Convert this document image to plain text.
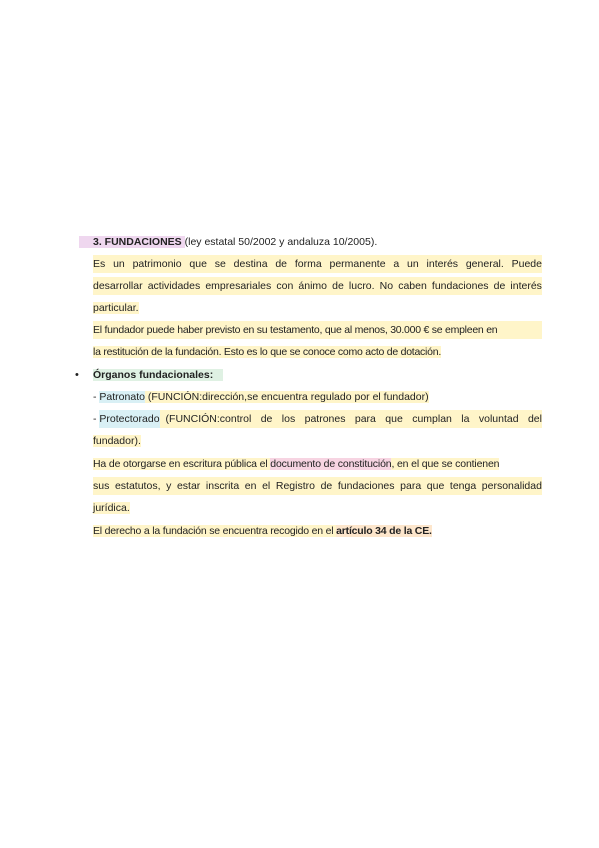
3. FUNDACIONES (ley estatal 50/2002 y andaluza 10/2005).
Es un patrimonio que se destina de forma permanente a un interés general. Puede
desarrollar actividades empresariales con ánimo de lucro. No caben fundaciones de interés
particular.
El fundador puede haber previsto en su testamento, que al menos, 30.000 € se empleen en
la restitución de la fundación. Esto es lo que se conoce como acto de dotación.
• Órganos fundacionales:
- Patronato (FUNCIÓN:dirección,se encuentra regulado por el fundador)
- Protectorado (FUNCIÓN:control de los patrones para que cumplan la voluntad del
fundador).
Ha de otorgarse en escritura pública el documento de constitución, en el que se contienen
sus estatutos, y estar inscrita en el Registro de fundaciones para que tenga personalidad
jurídica.
El derecho a la fundación se encuentra recogido en el artículo 34 de la CE.
